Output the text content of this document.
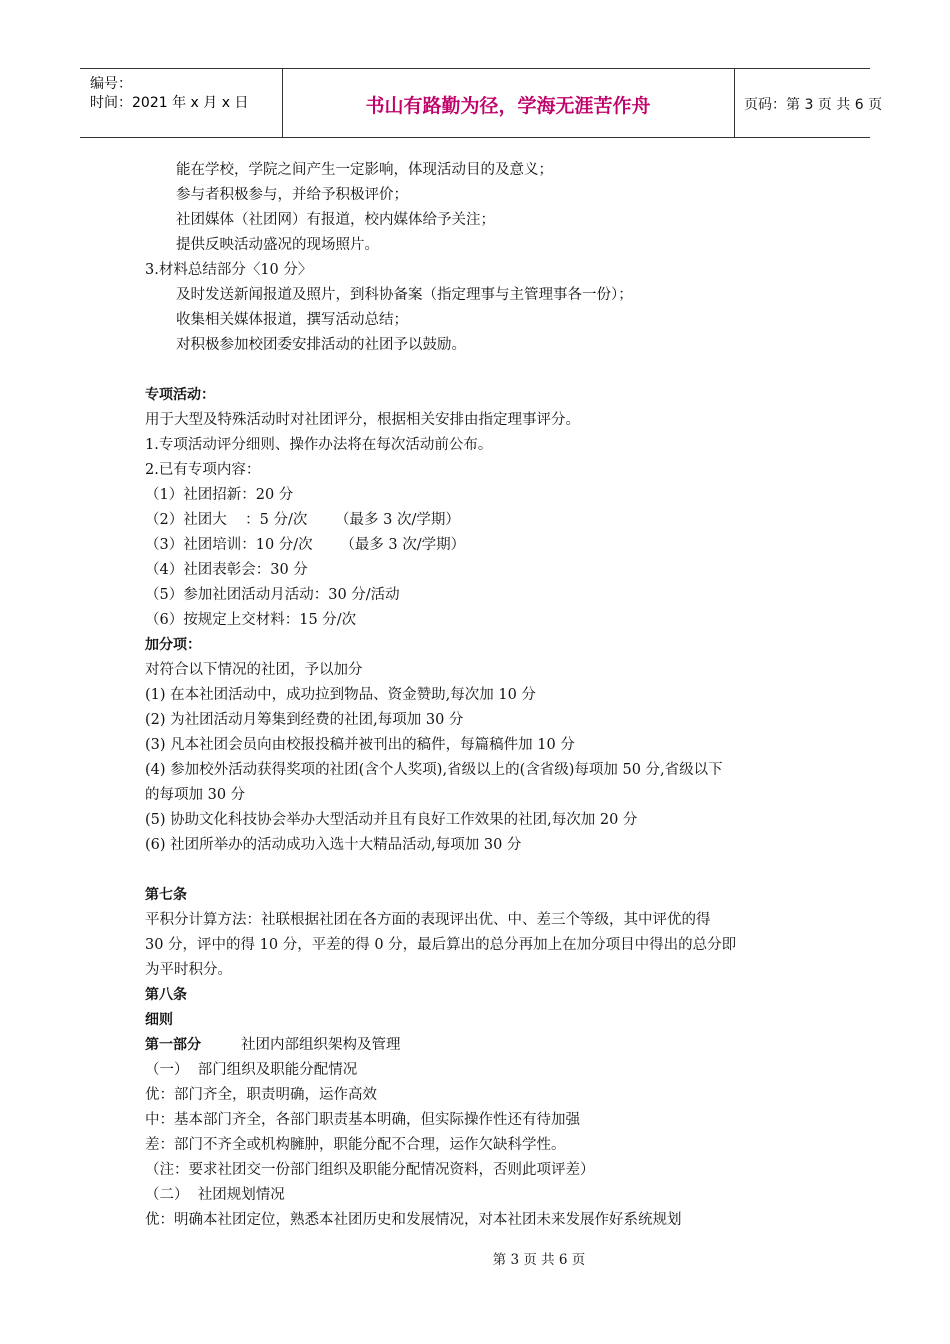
编号：
时间：2021 年 x 月 x 日	书山有路勤为径，学海无涯苦作舟	页码：第 3 页 共 6 页
能在学校，学院之间产生一定影响，体现活动目的及意义；
参与者积极参与，并给予积极评价；
社团媒体（社团网）有报道，校内媒体给予关注；
提供反映活动盛况的现场照片。
3.材料总结部分〈10 分〉
及时发送新闻报道及照片，到科协备案（指定理事与主管理事各一份）；
收集相关媒体报道，撰写活动总结；
对积极参加校团委安排活动的社团予以鼓励。
专项活动：
用于大型及特殊活动时对社团评分，根据相关安排由指定理事评分。
1.专项活动评分细则、操作办法将在每次活动前公布。
2.已有专项内容：
（1）社团招新：20 分
（2）社团大    ：5 分/次      （最多 3 次/学期）
（3）社团培训：10 分/次      （最多 3 次/学期）
（4）社团表彰会：30 分
（5）参加社团活动月活动：30 分/活动
（6）按规定上交材料：15 分/次
加分项：
对符合以下情况的社团，予以加分
(1) 在本社团活动中，成功拉到物品、资金赞助,每次加 10 分
(2) 为社团活动月筹集到经费的社团,每项加 30 分
(3) 凡本社团会员向由校报投稿并被刊出的稿件，每篇稿件加 10 分
(4) 参加校外活动获得奖项的社团(含个人奖项),省级以上的(含省级)每项加 50 分,省级以下
的每项加 30 分
(5) 协助文化科技协会举办大型活动并且有良好工作效果的社团,每次加 20 分
(6) 社团所举办的活动成功入选十大精品活动,每项加 30 分
第七条
平积分计算方法：社联根据社团在各方面的表现评出优、中、差三个等级，其中评优的得
30 分，评中的得 10 分，平差的得 0 分，最后算出的总分再加上在加分项目中得出的总分即
为平时积分。
第八条
细则
第一部分	社团内部组织架构及管理
（一）  部门组织及职能分配情况
优：部门齐全，职责明确，运作高效
中：基本部门齐全，各部门职责基本明确，但实际操作性还有待加强
差：部门不齐全或机构臃肿，职能分配不合理，运作欠缺科学性。
（注：要求社团交一份部门组织及职能分配情况资料，否则此项评差）
（二）  社团规划情况
优：明确本社团定位，熟悉本社团历史和发展情况，对本社团未来发展作好系统规划
第 3 页 共 6 页
